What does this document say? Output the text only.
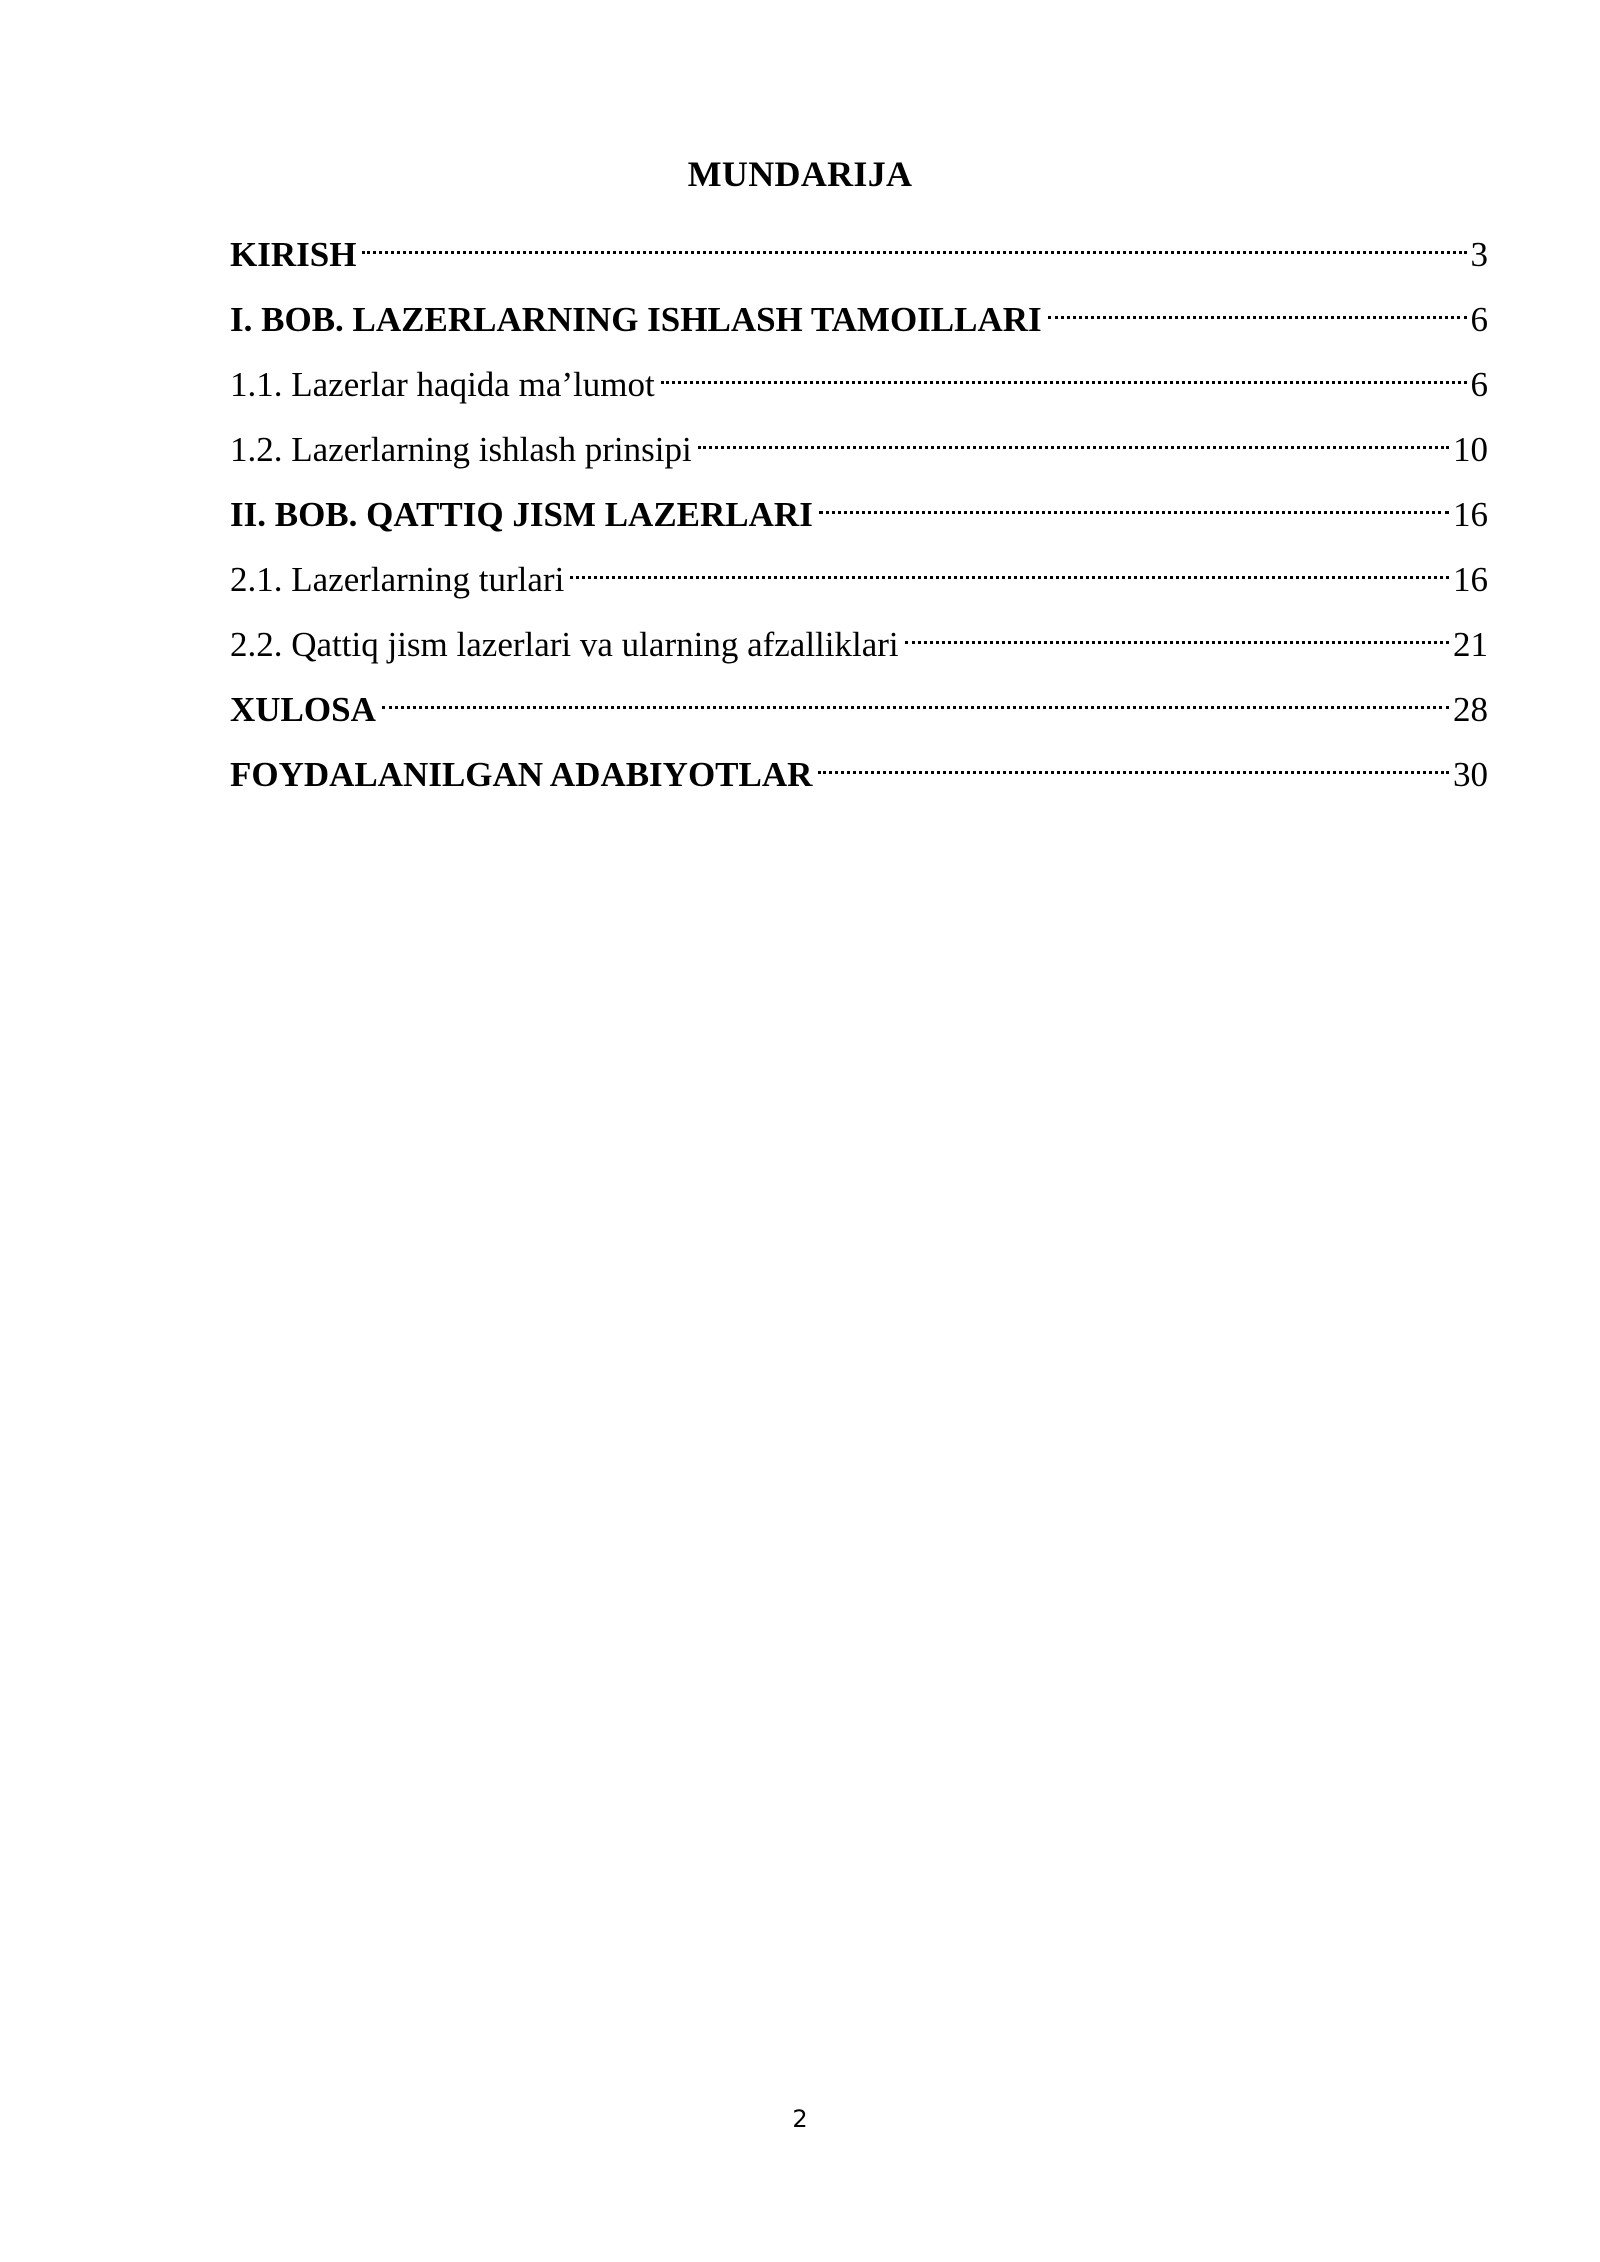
MUNDARIJA
KIRISH	3
I. BOB. LAZERLARNING ISHLASH TAMOILLARI	6
1.1. Lazerlar haqida ma’lumot	6
1.2. Lazerlarning ishlash prinsipi	10
II. BOB. QATTIQ JISM LAZERLARI	16
2.1. Lazerlarning turlari	16
2.2. Qattiq jism lazerlari va ularning afzalliklari	21
XULOSA	28
FOYDALANILGAN ADABIYOTLAR	30
2
